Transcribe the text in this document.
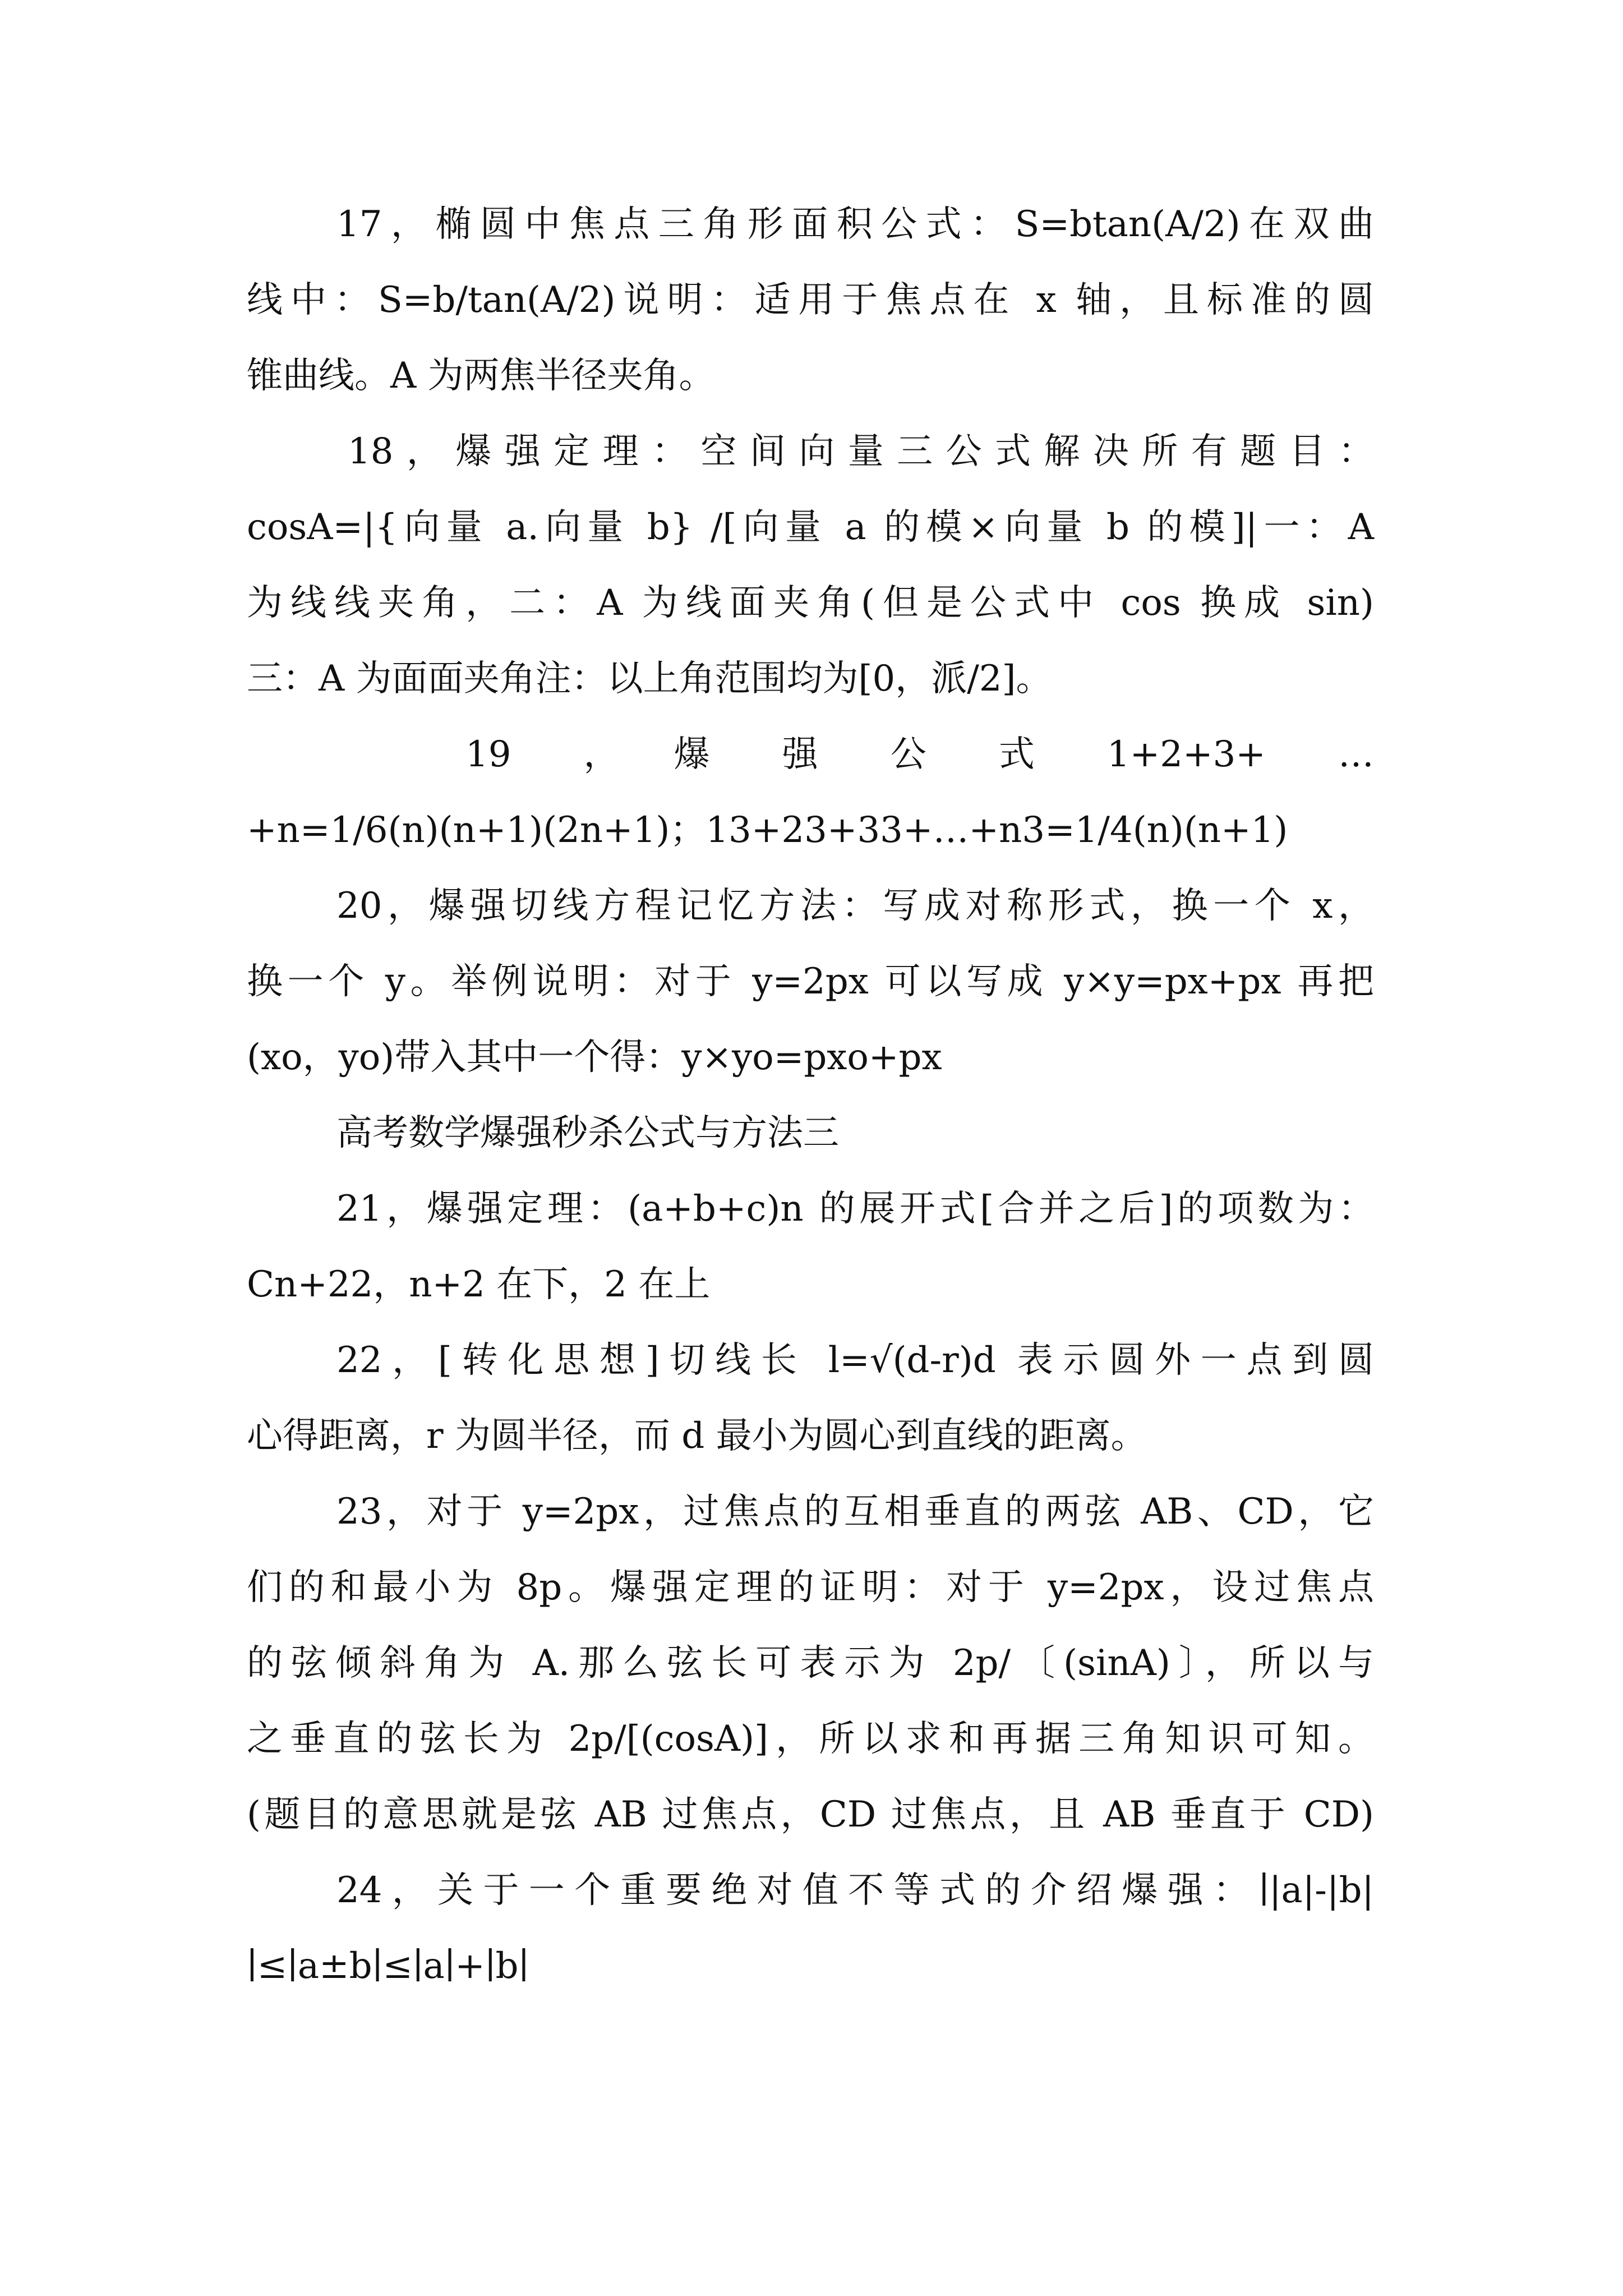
17，椭圆中焦点三角形面积公式：S=btan(A/2)在双曲
线中：S=b/tan(A/2)说明：适用于焦点在 x 轴，且标准的圆
锥曲线。A 为两焦半径夹角。
18，爆强定理：空间向量三公式解决所有题目：
cosA=|{向量 a.向量 b} /[向量 a 的模×向量 b 的模]|一：A
为线线夹角，二：A 为线面夹角(但是公式中 cos 换成 sin)
三：A 为面面夹角注：以上角范围均为[0，派/2]。
19　，　爆　强　公　式　1+2+3+　…
+n=1/6(n)(n+1)(2n+1)；13+23+33+…+n3=1/4(n)(n+1)
20，爆强切线方程记忆方法：写成对称形式，换一个 x，
换一个 y。举例说明：对于 y=2px 可以写成 y×y=px+px 再把
(xo，yo)带入其中一个得：y×yo=pxo+px
高考数学爆强秒杀公式与方法三
21，爆强定理：(a+b+c)n 的展开式[合并之后]的项数为：
Cn+22，n+2 在下，2 在上
22，[转化思想]切线长 l=√(d-r)d 表示圆外一点到圆
心得距离，r 为圆半径，而 d 最小为圆心到直线的距离。
23，对于 y=2px，过焦点的互相垂直的两弦 AB、CD，它
们的和最小为 8p。爆强定理的证明：对于 y=2px，设过焦点
的弦倾斜角为 A.那么弦长可表示为 2p/〔(sinA)〕，所以与
之垂直的弦长为 2p/[(cosA)]，所以求和再据三角知识可知。
(题目的意思就是弦 AB 过焦点，CD 过焦点，且 AB 垂直于 CD)
24，关于一个重要绝对值不等式的介绍爆强：∣|a|-|b|
∣≤∣a±b∣≤∣a∣+∣b∣
